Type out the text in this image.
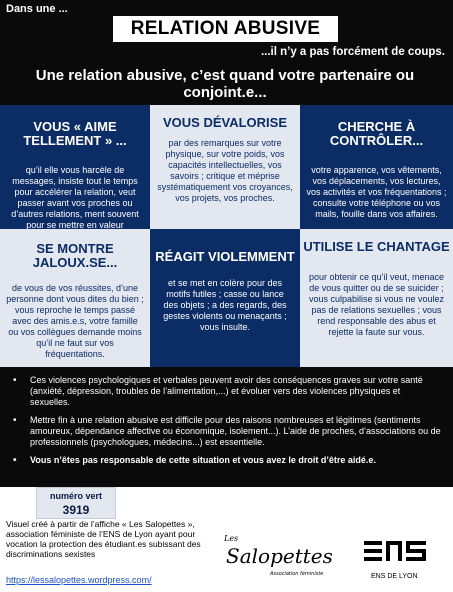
Dans une ...
RELATION ABUSIVE
...il n’y a pas forcément de coups.
Une relation abusive, c’est quand votre partenaire ou conjoint.e...
VOUS « AIME TELLEMENT » ...

qu’il elle vous harcèle de messages, insiste tout le temps pour accélérer la relation, veut passer avant vos proches ou d’autres relations, ment souvent pour se mettre en valeur

VOUS DÉVALORISE

par des remarques sur votre physique, sur votre poids, vos capacités intellectuelles, vos savoirs ; critique et méprise systématiquement vos croyances, vos projets, vos proches.

CHERCHE À CONTRÔLER...

votre apparence, vos vêtements, vos déplacements, vos lectures, vos activités et vos fréquentations ; consulte votre téléphone ou vos mails, fouille dans vos affaires.

SE MONTRE JALOUX.SE...

de vous de vos réussites, d’une personne dont vous dites du bien ; vous reproche le temps passé avec des amis.e.s, votre famille ou vos collègues demande moins qu’il ne faut sur vos fréquentations.

RÉAGIT VIOLEMMENT

et se met en colère pour des motifs futiles ; casse ou lance des objets ; a des regards, des gestes violents ou menaçants ; vous insulte.

UTILISE LE CHANTAGE

pour obtenir ce qu’il veut, menace de vous quitter ou de se suicider ; vous culpabilise si vous ne voulez pas de relations sexuelles ; vous rend responsable des abus et rejette la faute sur vous.

• Ces violences psychologiques et verbales peuvent avoir des conséquences graves sur votre santé (anxiété, dépression, troubles de l’alimentation,...) et évoluer vers des violences physiques et sexuelles.
• Mettre fin à une relation abusive est difficile pour des raisons nombreuses et légitimes (sentiments amoureux, dépendance affective ou économique, isolement...). L’aide de proches, d’associations ou de professionnels (psychologues, médecins...) est essentielle.
• Vous n’êtes pas responsable de cette situation et vous avez le droit d’être aidé.e.
numéro vert
3919
Visuel créé à partir de l’affiche « Les Salopettes », association féministe de l’ENS de Lyon ayant pour vocation la protection des étudiant.es subissant des discriminations sexistes
https://lessalopettes.wordpress.com/
Les
Salopettes
Association féministe	ENS DE LYON
